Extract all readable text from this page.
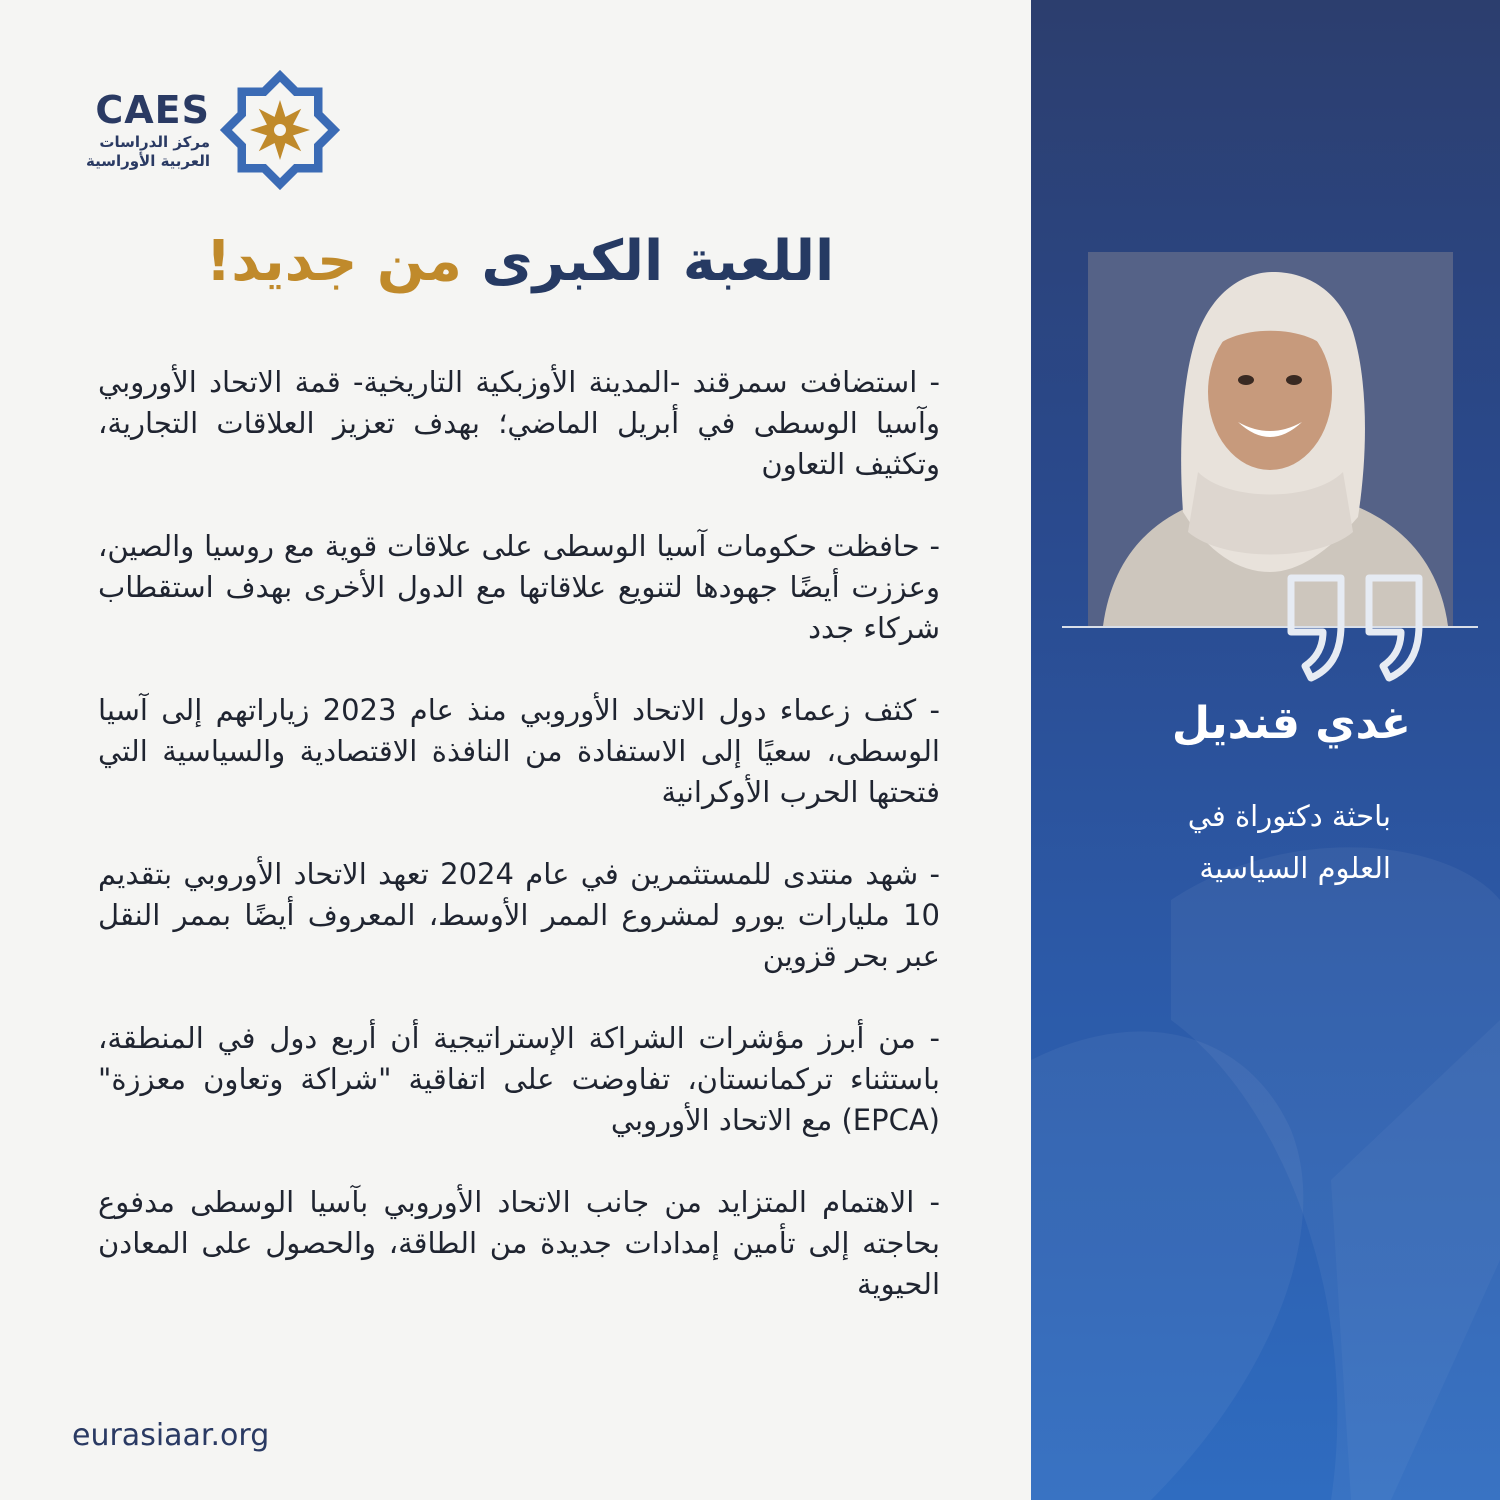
CAES
مركز الدراسات
العربية الأوراسية
اللعبة الكبرى من جديد!

- استضافت سمرقند -المدينة الأوزبكية التاريخية- قمة الاتحاد الأوروبي وآسيا الوسطى في أبريل الماضي؛ بهدف تعزيز العلاقات التجارية، وتكثيف التعاون

- حافظت حكومات آسيا الوسطى على علاقات قوية مع روسيا والصين، وعززت أيضًا جهودها لتنويع علاقاتها مع الدول الأخرى بهدف استقطاب شركاء جدد

- كثف زعماء دول الاتحاد الأوروبي منذ عام 2023 زياراتهم إلى آسيا الوسطى، سعيًا إلى الاستفادة من النافذة الاقتصادية والسياسية التي فتحتها الحرب الأوكرانية

- شهد منتدى للمستثمرين في عام 2024 تعهد الاتحاد الأوروبي بتقديم 10 مليارات يورو لمشروع الممر الأوسط، المعروف أيضًا بممر النقل عبر بحر قزوين

- من أبرز مؤشرات الشراكة الإستراتيجية أن أربع دول في المنطقة، باستثناء تركمانستان، تفاوضت على اتفاقية "شراكة وتعاون معززة" (EPCA) مع الاتحاد الأوروبي

- الاهتمام المتزايد من جانب الاتحاد الأوروبي بآسيا الوسطى مدفوع بحاجته إلى تأمين إمدادات جديدة من الطاقة، والحصول على المعادن الحيوية

eurasiaar.org
غدي قنديل
باحثة دكتوراة في
العلوم السياسية
